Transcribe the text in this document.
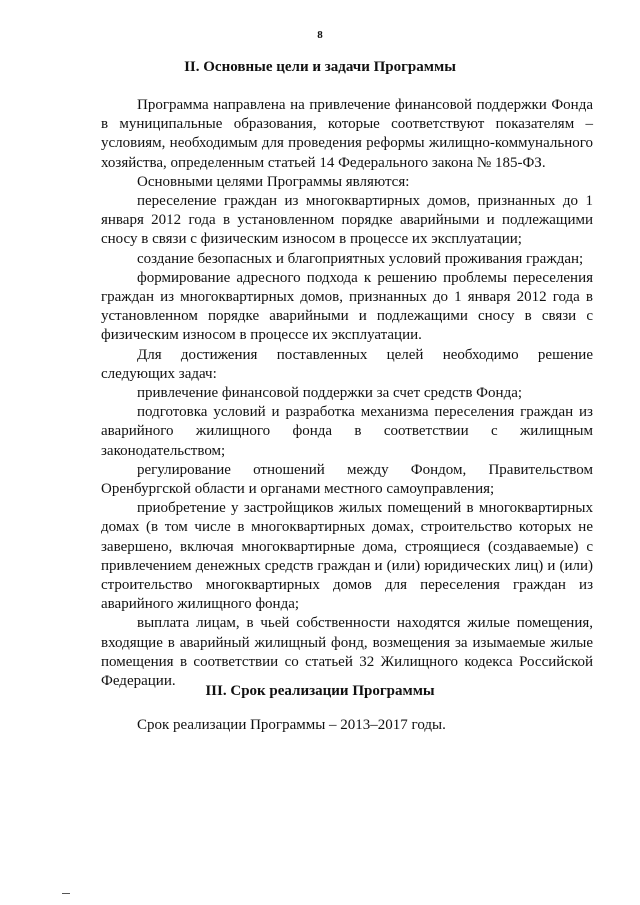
8
II. Основные цели и задачи Программы

Программа направлена на привлечение финансовой поддержки Фонда в муниципальные образования, которые соответствуют показателям – условиям, необходимым для проведения реформы жилищно-коммунального хозяйства, определенным статьей 14 Федерального закона № 185-ФЗ.

Основными целями Программы являются:

переселение граждан из многоквартирных домов, признанных до 1 января 2012 года в установленном порядке аварийными и подлежащими сносу в связи с физическим износом в процессе их эксплуатации;

создание безопасных и благоприятных условий проживания граждан;

формирование адресного подхода к решению проблемы переселения граждан из многоквартирных домов, признанных до 1 января 2012 года в установленном порядке аварийными и подлежащими сносу в связи с физическим износом в процессе их эксплуатации.

Для достижения поставленных целей необходимо решение следующих задач:

привлечение финансовой поддержки за счет средств Фонда;

подготовка условий и разработка механизма переселения граждан из аварийного жилищного фонда в соответствии с жилищным законодательством;

регулирование отношений между Фондом, Правительством Оренбургской области и органами местного самоуправления;

приобретение у застройщиков жилых помещений в многоквартирных домах (в том числе в многоквартирных домах, строительство которых не завершено, включая многоквартирные дома, строящиеся (создаваемые) с привлечением денежных средств граждан и (или) юридических лиц) и (или) строительство многоквартирных домов для переселения граждан из аварийного жилищного фонда;

выплата лицам, в чьей собственности находятся жилые помещения, входящие в аварийный жилищный фонд, возмещения за изымаемые жилые помещения в соответствии со статьей 32 Жилищного кодекса Российской Федерации.

III. Срок реализации Программы

Срок реализации Программы – 2013–2017 годы.
